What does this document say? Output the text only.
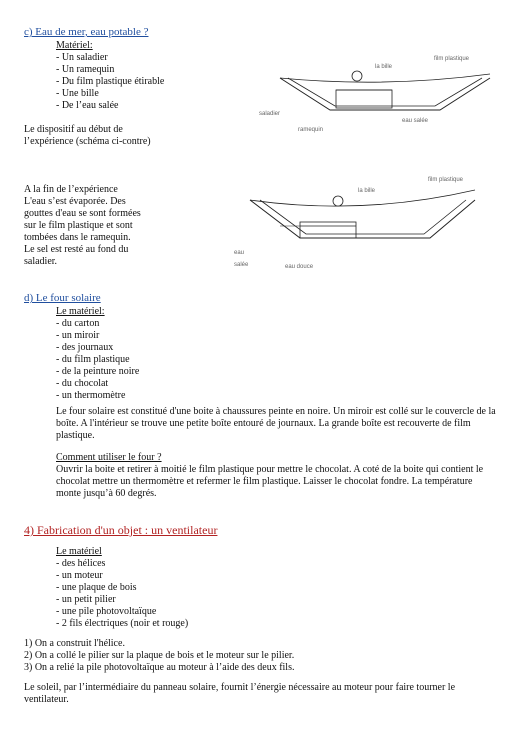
c) Eau de mer, eau potable ?
Matériel:
- Un saladier
- Un ramequin
- Du film plastique étirable
- Une bille
- De l’eau salée
Le dispositif au début de
l’expérience (schéma ci-contre)
la bille
film plastique
saladier
ramequin
eau salée
A la fin de l’expérience
L'eau s’est évaporée. Des
gouttes d'eau se sont formées
sur le film plastique et sont
tombées dans le ramequin.
Le sel est resté au fond du
saladier.
la bille
film plastique
eau
salée	eau douce
d) Le four solaire
Le matériel:
- du carton
- un miroir
- des journaux
- du film plastique
- de la peinture noire
- du chocolat
- un thermomètre
Le four solaire est constitué d'une boite à chaussures peinte en noire. Un miroir est collé sur le couvercle de la boîte. A l'intérieur se trouve une petite boîte entouré de journaux. La grande boîte est recouverte de film plastique.
Comment utiliser le four ?
Ouvrir la boite et retirer à moitié le film plastique pour mettre le chocolat. A coté de la boite qui contient le chocolat mettre un thermomètre et refermer le film plastique. Laisser le chocolat fondre. La température monte jusqu’à 60 degrés.
4) Fabrication d'un objet : un ventilateur
Le matériel
- des hélices
- un moteur
- une plaque de bois
- un petit pilier
- une pile photovoltaïque
- 2 fils électriques (noir et rouge)
1) On a construit l'hélice.
2) On a collé le pilier sur la plaque de bois et le moteur sur le pilier.
3) On a relié la pile photovoltaïque au moteur à l’aide des deux fils.
Le soleil, par l’intermédiaire du panneau solaire, fournit l’énergie nécessaire au moteur pour faire tourner le ventilateur.
